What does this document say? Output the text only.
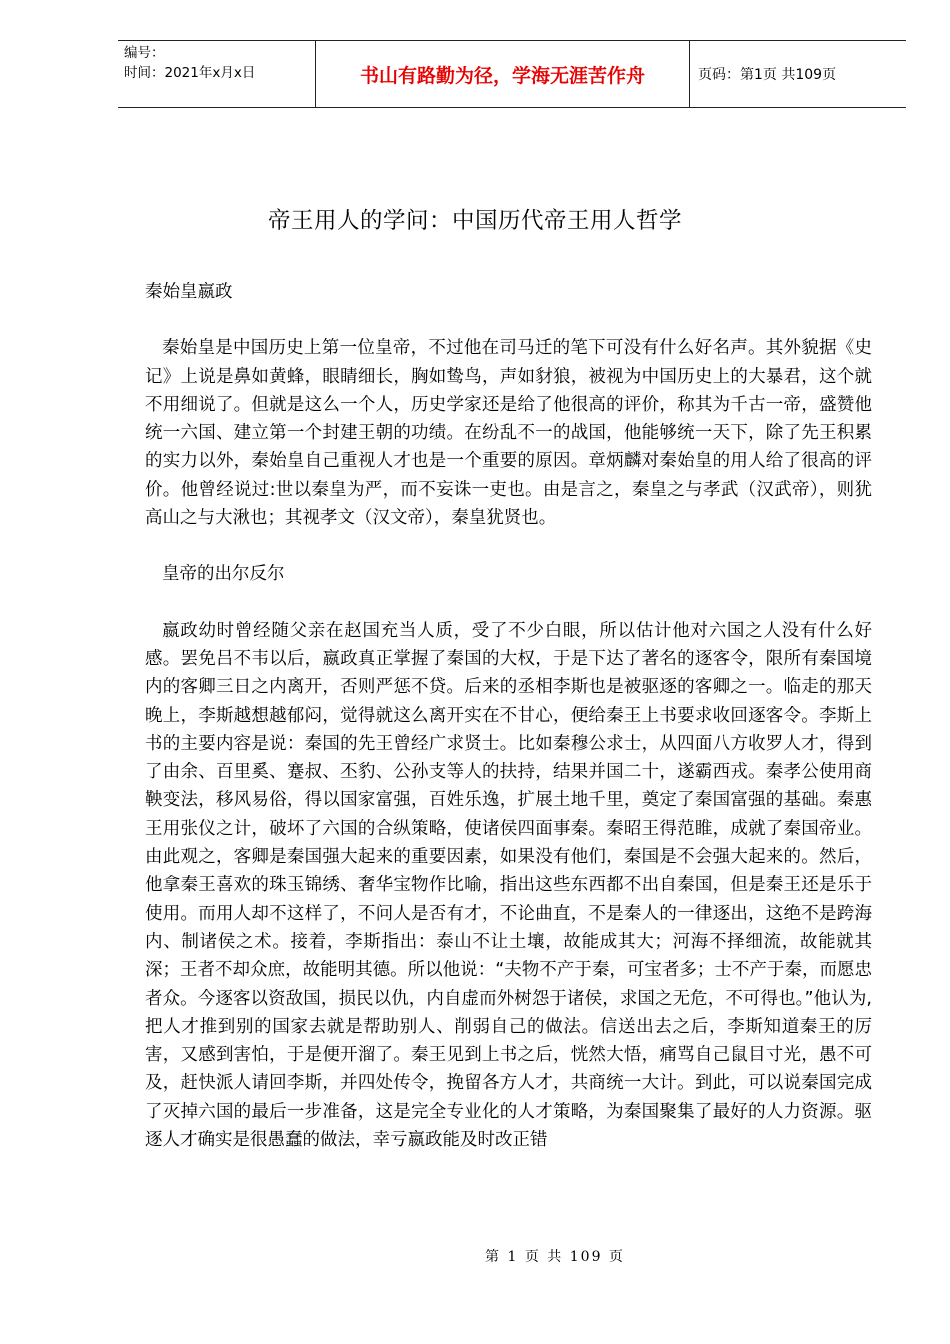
编号：
时间：2021年x月x日	书山有路勤为径，学海无涯苦作舟	页码：第1页 共109页
帝王用人的学问：中国历代帝王用人哲学

秦始皇嬴政

秦始皇是中国历史上第一位皇帝，不过他在司马迁的笔下可没有什么好名声。其外貌据《史记》上说是鼻如黄蜂，眼睛细长，胸如鸷鸟，声如豺狼，被视为中国历史上的大暴君，这个就不用细说了。但就是这么一个人，历史学家还是给了他很高的评价，称其为千古一帝，盛赞他统一六国、建立第一个封建王朝的功绩。在纷乱不一的战国，他能够统一天下，除了先王积累的实力以外，秦始皇自己重视人才也是一个重要的原因。章炳麟对秦始皇的用人给了很高的评价。他曾经说过:世以秦皇为严，而不妄诛一吏也。由是言之，秦皇之与孝武（汉武帝），则犹高山之与大湫也；其视孝文（汉文帝），秦皇犹贤也。

皇帝的出尔反尔

嬴政幼时曾经随父亲在赵国充当人质，受了不少白眼，所以估计他对六国之人没有什么好感。罢免吕不韦以后，嬴政真正掌握了秦国的大权，于是下达了著名的逐客令，限所有秦国境内的客卿三日之内离开，否则严惩不贷。后来的丞相李斯也是被驱逐的客卿之一。临走的那天晚上，李斯越想越郁闷，觉得就这么离开实在不甘心，便给秦王上书要求收回逐客令。李斯上书的主要内容是说：秦国的先王曾经广求贤士。比如秦穆公求士，从四面八方收罗人才，得到了由余、百里奚、蹇叔、丕豹、公孙支等人的扶持，结果并国二十，遂霸西戎。秦孝公使用商鞅变法，移风易俗，得以国家富强，百姓乐逸，扩展土地千里，奠定了秦国富强的基础。秦惠王用张仪之计，破坏了六国的合纵策略，使诸侯四面事秦。秦昭王得范睢，成就了秦国帝业。由此观之，客卿是秦国强大起来的重要因素，如果没有他们，秦国是不会强大起来的。然后，他拿秦王喜欢的珠玉锦绣、奢华宝物作比喻，指出这些东西都不出自秦国，但是秦王还是乐于使用。而用人却不这样了，不问人是否有才，不论曲直，不是秦人的一律逐出，这绝不是跨海内、制诸侯之术。接着，李斯指出：泰山不让土壤，故能成其大；河海不择细流，故能就其深；王者不却众庶，故能明其德。所以他说：“夫物不产于秦，可宝者多；士不产于秦，而愿忠者众。今逐客以资敌国，损民以仇，内自虚而外树怨于诸侯，求国之无危，不可得也。”他认为,把人才推到别的国家去就是帮助别人、削弱自己的做法。信送出去之后，李斯知道秦王的厉害，又感到害怕，于是便开溜了。秦王见到上书之后，恍然大悟，痛骂自己鼠目寸光，愚不可及，赶快派人请回李斯，并四处传令，挽留各方人才，共商统一大计。到此，可以说秦国完成了灭掉六国的最后一步准备，这是完全专业化的人才策略，为秦国聚集了最好的人力资源。驱逐人才确实是很愚蠢的做法，幸亏嬴政能及时改正错

第 1 页 共 109 页
